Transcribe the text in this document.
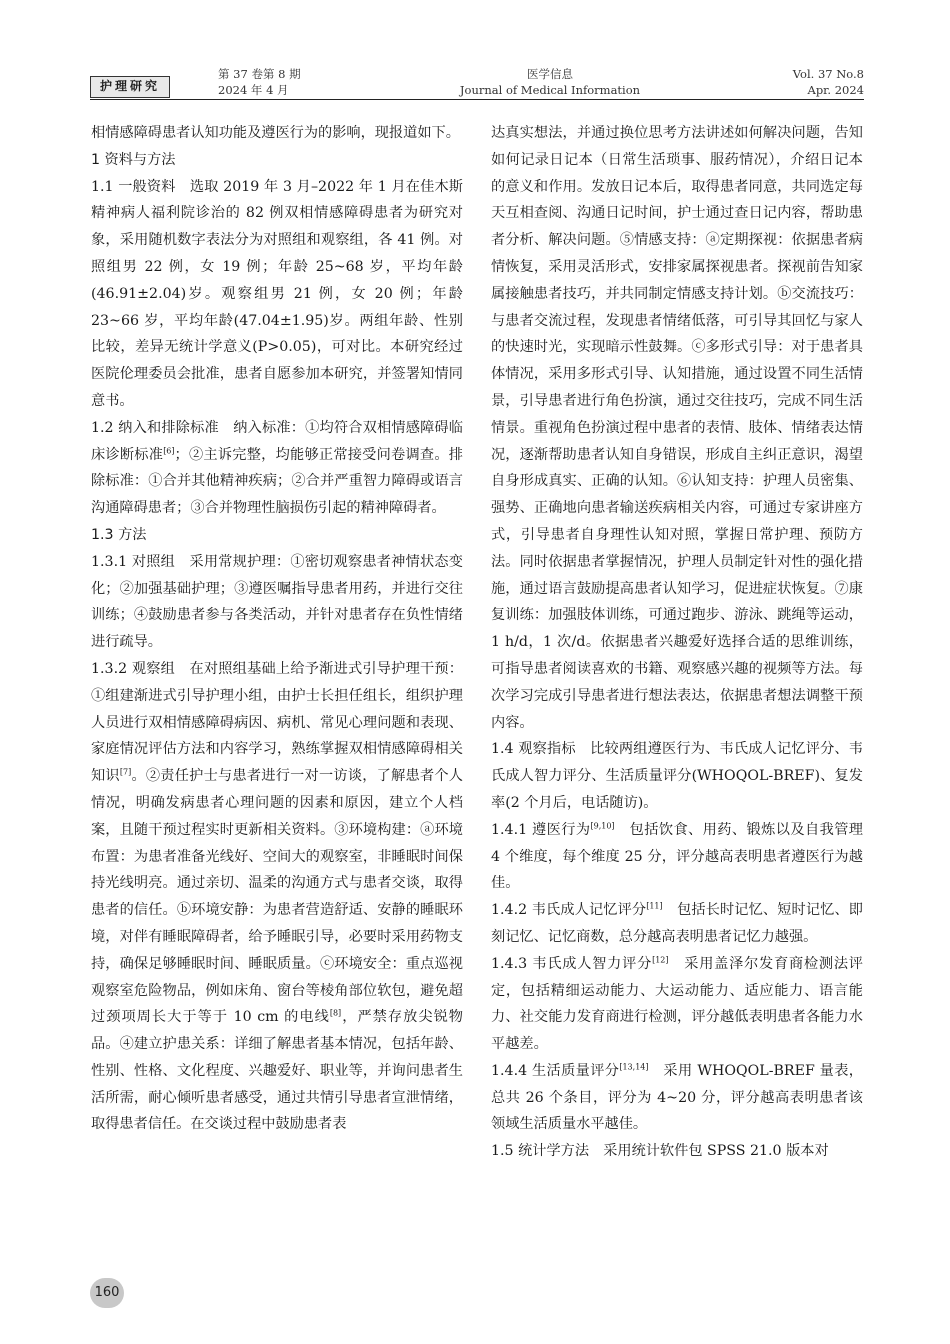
护理研究
第 37 卷第 8 期
2024 年 4 月
医学信息
Journal of Medical Information
Vol. 37 No.8
Apr. 2024

相情感障碍患者认知功能及遵医行为的影响，现报道如下。

1 资料与方法

1.1 一般资料　选取 2019 年 3 月–2022 年 1 月在佳木斯精神病人福利院诊治的 82 例双相情感障碍患者为研究对象，采用随机数字表法分为对照组和观察组，各 41 例。对照组男 22 例，女 19 例；年龄 25~68 岁，平均年龄(46.91±2.04)岁。观察组男 21 例，女 20 例；年龄 23~66 岁，平均年龄(47.04±1.95)岁。两组年龄、性别比较，差异无统计学意义(P>0.05)，可对比。本研究经过医院伦理委员会批准，患者自愿参加本研究，并签署知情同意书。

1.2 纳入和排除标准　纳入标准：①均符合双相情感障碍临床诊断标准[6]；②主诉完整，均能够正常接受问卷调查。排除标准：①合并其他精神疾病；②合并严重智力障碍或语言沟通障碍患者；③合并物理性脑损伤引起的精神障碍者。

1.3 方法

1.3.1 对照组　采用常规护理：①密切观察患者神情状态变化；②加强基础护理；③遵医嘱指导患者用药，并进行交往训练；④鼓励患者参与各类活动，并针对患者存在负性情绪进行疏导。

1.3.2 观察组　在对照组基础上给予渐进式引导护理干预：①组建渐进式引导护理小组，由护士长担任组长，组织护理人员进行双相情感障碍病因、病机、常见心理问题和表现、家庭情况评估方法和内容学习，熟练掌握双相情感障碍相关知识[7]。②责任护士与患者进行一对一访谈，了解患者个人情况，明确发病患者心理问题的因素和原因，建立个人档案，且随干预过程实时更新相关资料。③环境构建：ⓐ环境布置：为患者准备光线好、空间大的观察室，非睡眠时间保持光线明亮。通过亲切、温柔的沟通方式与患者交谈，取得患者的信任。ⓑ环境安静：为患者营造舒适、安静的睡眠环境，对伴有睡眠障碍者，给予睡眠引导，必要时采用药物支持，确保足够睡眠时间、睡眠质量。ⓒ环境安全：重点巡视观察室危险物品，例如床角、窗台等棱角部位软包，避免超过颈项周长大于等于 10 cm 的电线[8]，严禁存放尖锐物品。④建立护患关系：详细了解患者基本情况，包括年龄、性别、性格、文化程度、兴趣爱好、职业等，并询问患者生活所需，耐心倾听患者感受，通过共情引导患者宣泄情绪，取得患者信任。在交谈过程中鼓励患者表

达真实想法，并通过换位思考方法讲述如何解决问题，告知如何记录日记本（日常生活琐事、服药情况），介绍日记本的意义和作用。发放日记本后，取得患者同意，共同选定每天互相查阅、沟通日记时间，护士通过查日记内容，帮助患者分析、解决问题。⑤情感支持：ⓐ定期探视：依据患者病情恢复，采用灵活形式，安排家属探视患者。探视前告知家属接触患者技巧，并共同制定情感支持计划。ⓑ交流技巧：与患者交流过程，发现患者情绪低落，可引导其回忆与家人的快速时光，实现暗示性鼓舞。ⓒ多形式引导：对于患者具体情况，采用多形式引导、认知措施，通过设置不同生活情景，引导患者进行角色扮演，通过交往技巧，完成不同生活情景。重视角色扮演过程中患者的表情、肢体、情绪表达情况，逐渐帮助患者认知自身错误，形成自主纠正意识，渴望自身形成真实、正确的认知。⑥认知支持：护理人员密集、强势、正确地向患者输送疾病相关内容，可通过专家讲座方式，引导患者自身理性认知对照，掌握日常护理、预防方法。同时依据患者掌握情况，护理人员制定针对性的强化措施，通过语言鼓励提高患者认知学习，促进症状恢复。⑦康复训练：加强肢体训练，可通过跑步、游泳、跳绳等运动，1 h/d，1 次/d。依据患者兴趣爱好选择合适的思维训练，可指导患者阅读喜欢的书籍、观察感兴趣的视频等方法。每次学习完成引导患者进行想法表达，依据患者想法调整干预内容。

1.4 观察指标　比较两组遵医行为、韦氏成人记忆评分、韦氏成人智力评分、生活质量评分(WHOQOL-BREF)、复发率(2 个月后，电话随访)。

1.4.1 遵医行为[9,10]　包括饮食、用药、锻炼以及自我管理 4 个维度，每个维度 25 分，评分越高表明患者遵医行为越佳。

1.4.2 韦氏成人记忆评分[11]　包括长时记忆、短时记忆、即刻记忆、记忆商数，总分越高表明患者记忆力越强。

1.4.3 韦氏成人智力评分[12]　采用盖泽尔发育商检测法评定，包括精细运动能力、大运动能力、适应能力、语言能力、社交能力发育商进行检测，评分越低表明患者各能力水平越差。

1.4.4 生活质量评分[13,14]　采用 WHOQOL-BREF 量表，总共 26 个条目，评分为 4~20 分，评分越高表明患者该领域生活质量水平越佳。

1.5 统计学方法　采用统计软件包 SPSS 21.0 版本对

160
